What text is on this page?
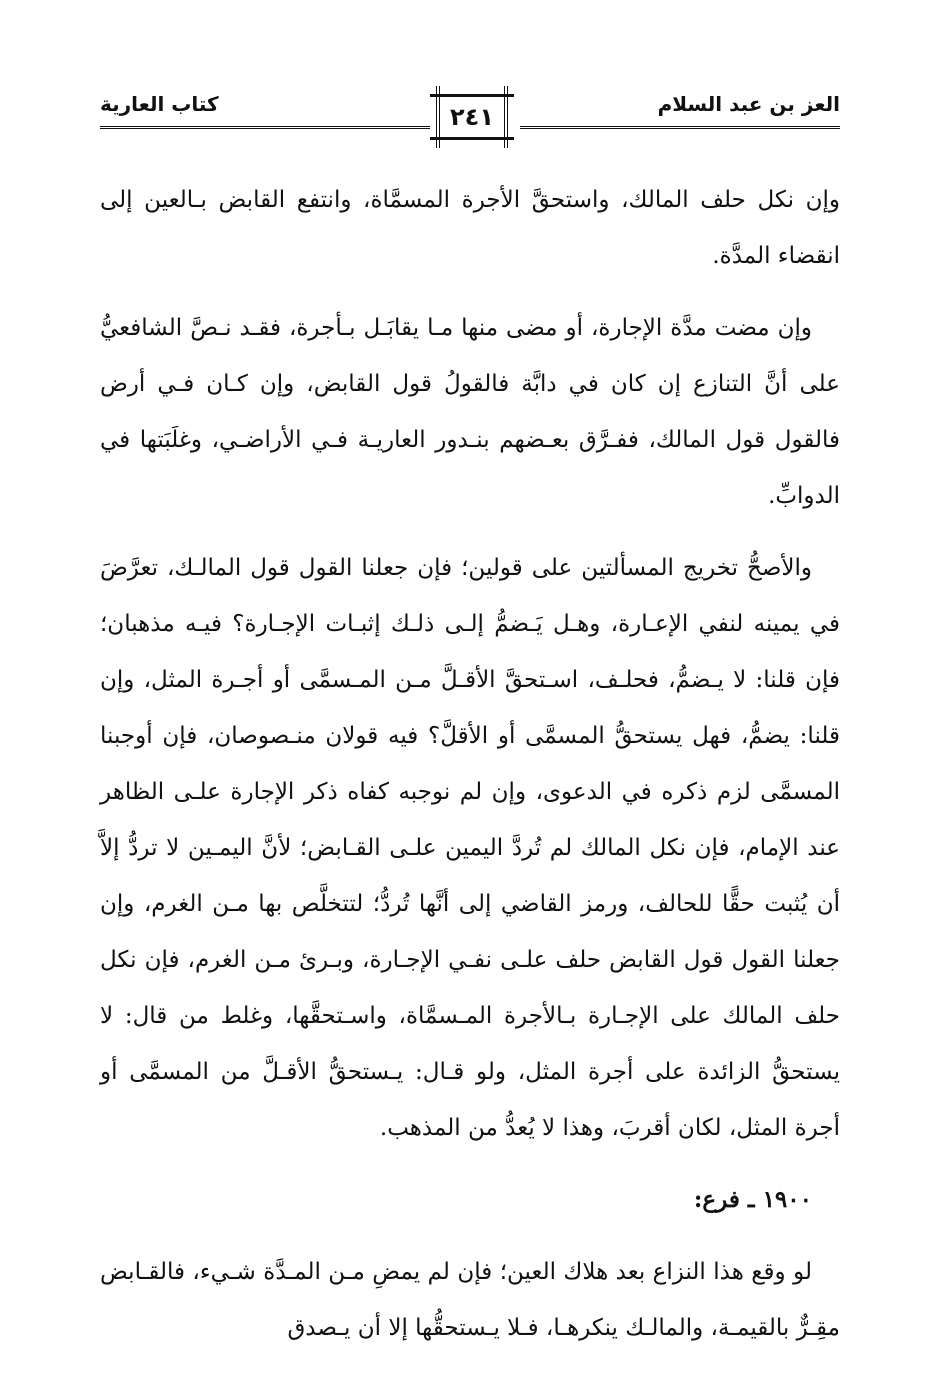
العز بن عبد السلام
٢٤١
كتاب العارية

وإن نكل حلف المالك، واستحقَّ الأجرة المسمَّاة، وانتفع القابض بـالعين إلى انقضاء المدَّة.

وإن مضت مدَّة الإجارة، أو مضى منها مـا يقابَـل بـأجرة، فقـد نـصَّ الشافعيُّ على أنَّ التنازع إن كان في دابَّة فالقولُ قول القابض، وإن كـان فـي أرض فالقول قول المالك، ففـرَّق بعـضهم بنـدور العاريـة فـي الأراضـي، وغلَبَتها في الدوابِّ.

والأصحُّ تخريج المسألتين على قولين؛ فإن جعلنا القول قول المالـك، تعرَّضَ في يمينه لنفي الإعـارة، وهـل يَـضمُّ إلـى ذلـك إثبـات الإجـارة؟ فيـه مذهبان؛ فإن قلنا: لا يـضمُّ، فحلـف، اسـتحقَّ الأقـلَّ مـن المـسمَّى أو أجـرة المثل، وإن قلنا: يضمُّ، فهل يستحقُّ المسمَّى أو الأقلَّ؟ فيه قولان منـصوصان، فإن أوجبنا المسمَّى لزم ذكره في الدعوى، وإن لم نوجبه كفاه ذكر الإجارة علـى الظاهر عند الإمام، فإن نكل المالك لم تُردَّ اليمين علـى القـابض؛ لأنَّ اليمـين لا تردُّ إلاَّ أن يُثبت حقًّا للحالف، ورمز القاضي إلى أنَّها تُردُّ؛ لتتخلَّص بها مـن الغرم، وإن جعلنا القول قول القابض حلف علـى نفـي الإجـارة، وبـرئ مـن الغرم، فإن نكل حلف المالك على الإجـارة بـالأجرة المـسمَّاة، واسـتحقَّها، وغلط من قال: لا يستحقُّ الزائدة على أجرة المثل، ولو قـال: يـستحقُّ الأقـلَّ من المسمَّى أو أجرة المثل، لكان أقربَ، وهذا لا يُعدُّ من المذهب.

١٩٠٠ ـ فرع:

لو وقع هذا النزاع بعد هلاك العين؛ فإن لم يمضِ مـن المـدَّة شـيء، فالقـابض مقِـرٌّ بالقيمـة، والمالـك ينكرهـا، فـلا يـستحقُّها إلا أن يـصدق
